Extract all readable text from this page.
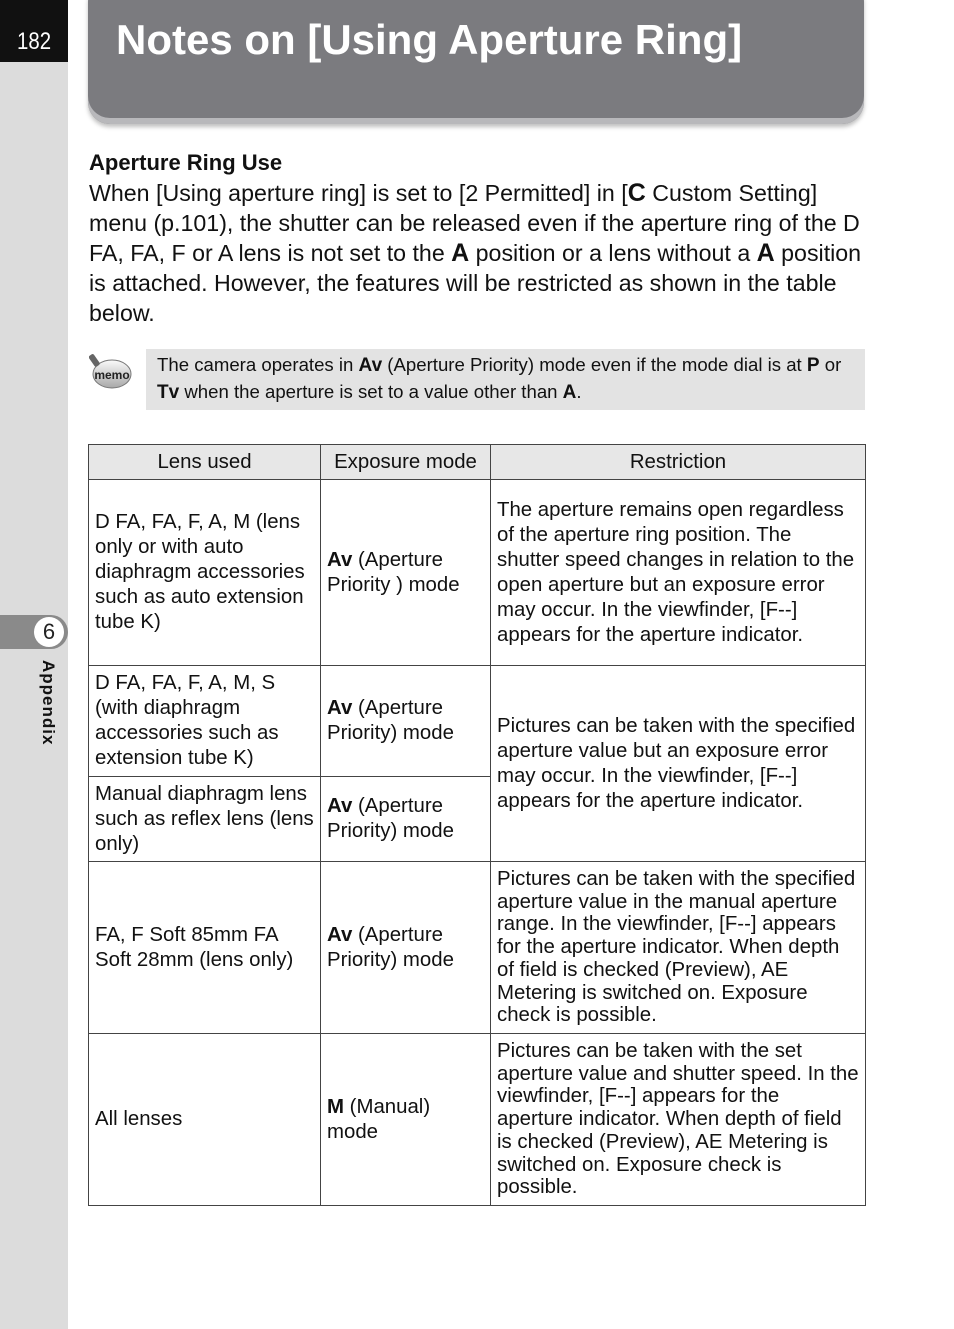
182
6
Appendix
Notes on [Using Aperture Ring]
Aperture Ring Use
When [Using aperture ring] is set to [2 Permitted] in [C Custom Setting] menu (p.101), the shutter can be released even if the aperture ring of the D FA, FA, F or A lens is not set to the A position or a lens without a A position is attached. However, the features will be restricted as shown in the table below.
memo	The camera operates in Av (Aperture Priority) mode even if the mode dial is at P or Tv when the aperture is set to a value other than A.
Lens used	Exposure mode	Restriction
D FA, FA, F, A, M (lens only or with auto diaphragm accessories such as auto extension tube K)	Av (Aperture Priority ) mode	The aperture remains open regardless of the aperture ring position. The shutter speed changes in relation to the open aperture but an exposure error may occur. In the viewfinder, [F--] appears for the aperture indicator.
D FA, FA, F, A, M, S (with diaphragm accessories such as extension tube K)	Av (Aperture Priority) mode	Pictures can be taken with the specified aperture value but an exposure error may occur. In the viewfinder, [F--] appears for the aperture indicator.
Manual diaphragm lens such as reflex lens (lens only)	Av (Aperture Priority) mode	
FA, F Soft 85mm FA Soft 28mm (lens only)	Av (Aperture Priority) mode	Pictures can be taken with the specified aperture value in the manual aperture range. In the viewfinder, [F--] appears for the aperture indicator. When depth of field is checked (Preview), AE Metering is switched on. Exposure check is possible.
All lenses	M (Manual) mode	Pictures can be taken with the set aperture value and shutter speed. In the viewfinder, [F--] appears for the aperture indicator. When depth of field is checked (Preview), AE Metering is switched on. Exposure check is possible.
